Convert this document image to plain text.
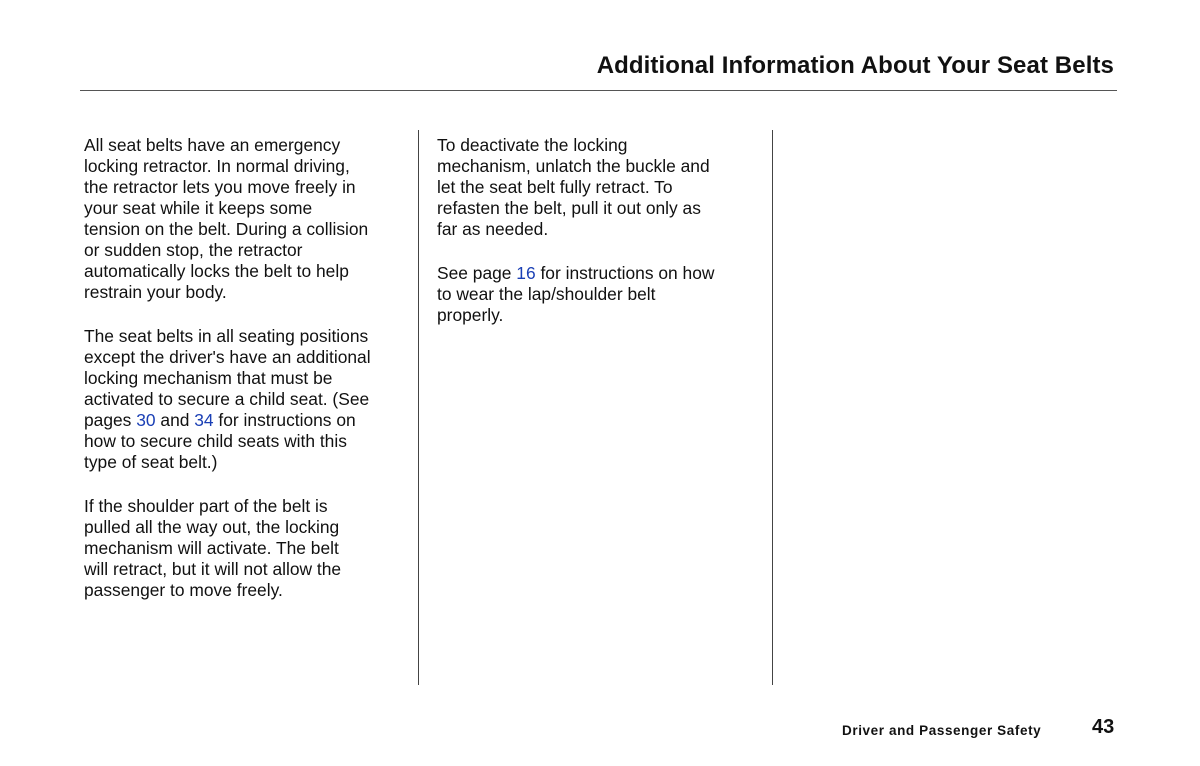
Additional Information About Your Seat Belts
All seat belts have an emergency
locking retractor. In normal driving,
the retractor lets you move freely in
your seat while it keeps some
tension on the belt. During a collision
or sudden stop, the retractor
automatically locks the belt to help
restrain your body.
The seat belts in all seating positions
except the driver's have an additional
locking mechanism that must be
activated to secure a child seat. (See
pages 30 and 34 for instructions on
how to secure child seats with this
type of seat belt.)
If the shoulder part of the belt is
pulled all the way out, the locking
mechanism will activate. The belt
will retract, but it will not allow the
passenger to move freely.
To deactivate the locking
mechanism, unlatch the buckle and
let the seat belt fully retract. To
refasten the belt, pull it out only as
far as needed.
See page 16 for instructions on how
to wear the lap/shoulder belt
properly.
Driver and Passenger Safety	43
